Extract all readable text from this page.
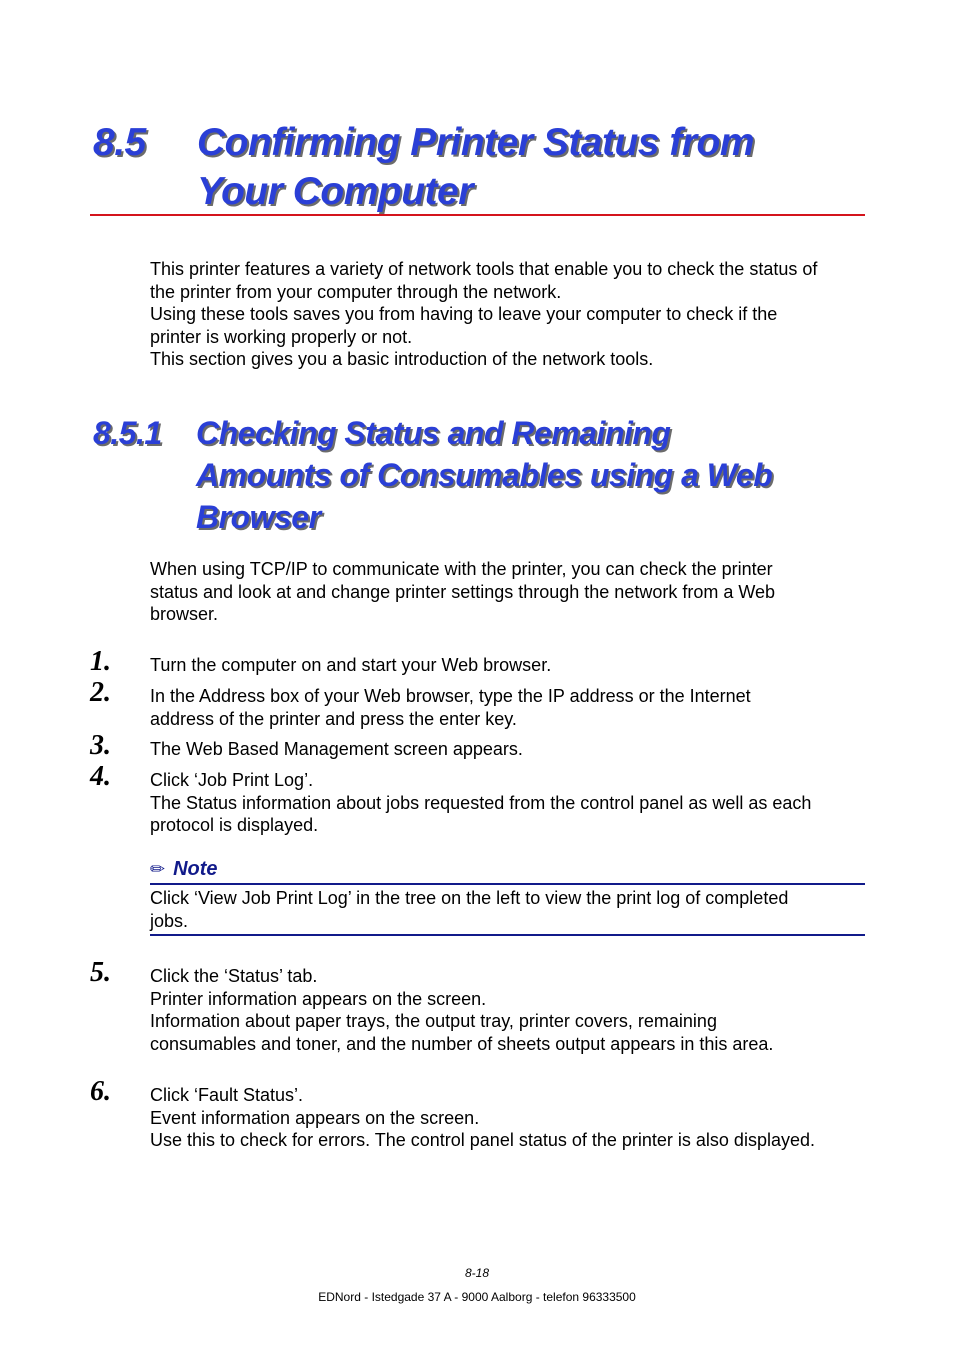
8.5 Confirming Printer Status from
Your Computer
This printer features a variety of network tools that enable you to check the status of
the printer from your computer through the network.
Using these tools saves you from having to leave your computer to check if the
printer is working properly or not.
This section gives you a basic introduction of the network tools.
8.5.1 Checking Status and Remaining
Amounts of Consumables using a Web
Browser
When using TCP/IP to communicate with the printer, you can check the printer
status and look at and change printer settings through the network from a Web
browser.
1. Turn the computer on and start your Web browser.
2. In the Address box of your Web browser, type the IP address or the Internet
address of the printer and press the enter key.
3. The Web Based Management screen appears.
4. Click ‘Job Print Log’.
The Status information about jobs requested from the control panel as well as each
protocol is displayed.
✏ Note
Click ‘View Job Print Log’ in the tree on the left to view the print log of completed
jobs.
5. Click the ‘Status’ tab.
Printer information appears on the screen.
Information about paper trays, the output tray, printer covers, remaining
consumables and toner, and the number of sheets output appears in this area.
6. Click ‘Fault Status’.
Event information appears on the screen.
Use this to check for errors. The control panel status of the printer is also displayed.
8-18
EDNord - Istedgade 37 A - 9000 Aalborg - telefon 96333500
